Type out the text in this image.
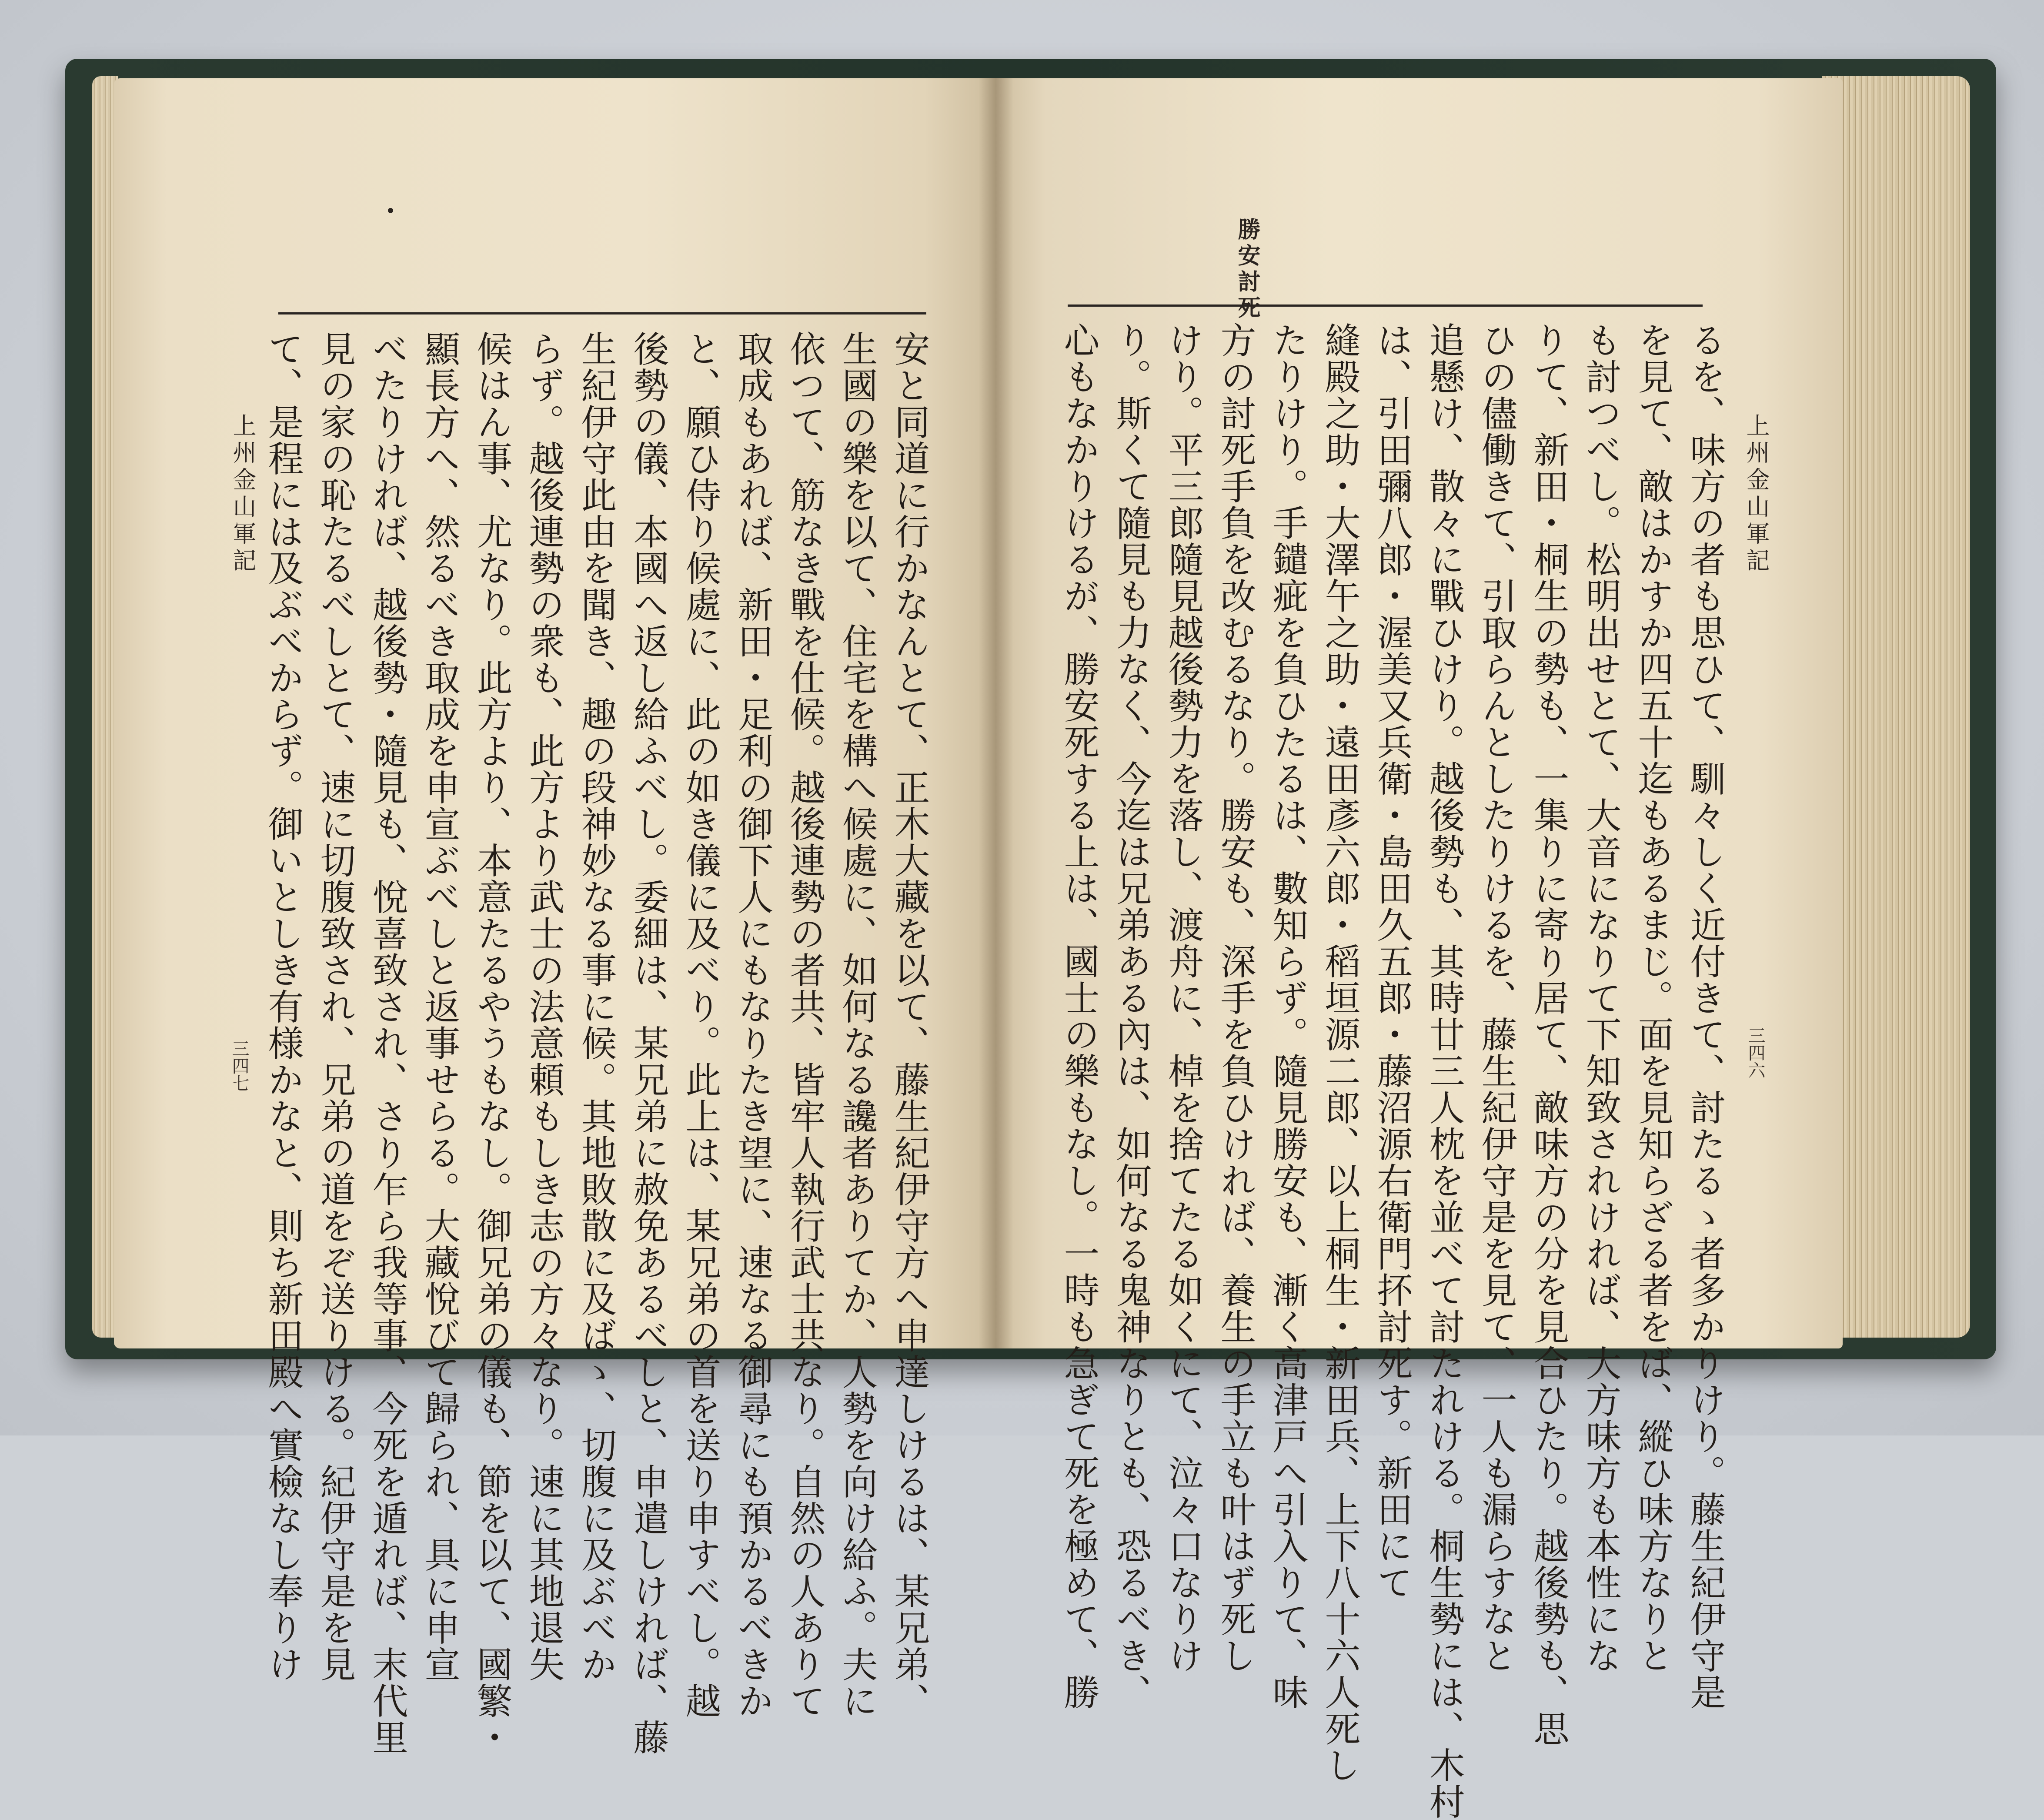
安と同道に行かなんとて、正木大藏を以て、藤生紀伊守方へ申達しけるは、某兄弟、
生國の樂を以て、住宅を構へ候處に、如何なる讒者ありてか、人勢を向け給ふ。夫に
依つて、筋なき戰を仕候。越後連勢の者共、皆牢人執行武士共なり。自然の人ありて
取成もあれば、新田・足利の御下人にもなりたき望に、速なる御尋にも預かるべきか
と、願ひ侍り候處に、此の如き儀に及べり。此上は、某兄弟の首を送り申すべし。越
後勢の儀、本國へ返し給ふべし。委細は、某兄弟に赦免あるべしと、申遣しければ、藤
生紀伊守此由を聞き、趣の段神妙なる事に候。其地敗散に及ばゝ、切腹に及ぶべか
らず。越後連勢の衆も、此方より武士の法意頼もしき志の方々なり。速に其地退失
候はん事、尤なり。此方より、本意たるやうもなし。御兄弟の儀も、節を以て、國繁・
顯長方へ、然るべき取成を申宣ぶべしと返事せらる。大藏悅びて歸られ、具に申宣
べたりければ、越後勢・隨見も、悅喜致され、さり乍ら我等事、今死を遁れば、末代里
見の家の恥たるべしとて、速に切腹致され、兄弟の道をぞ送りける。紀伊守是を見
て、是程には及ぶべからず。御いとしき有様かなと、則ち新田殿へ實檢なし奉りけ
上州金山軍記
三四七
勝安討死
るを、味方の者も思ひて、馴々しく近付きて、討たるゝ者多かりけり。藤生紀伊守是
を見て、敵はかすか四五十迄もあるまじ。面を見知らざる者をば、縱ひ味方なりと
も討つべし。松明出せとて、大音になりて下知致されければ、大方味方も本性にな
りて、新田・桐生の勢も、一集りに寄り居て、敵味方の分を見合ひたり。越後勢も、思
ひの儘働きて、引取らんとしたりけるを、藤生紀伊守是を見て、一人も漏らすなと
追懸け、散々に戰ひけり。越後勢も、其時廿三人枕を並べて討たれける。桐生勢には、木村
は、引田彌八郎・渥美又兵衛・島田久五郎・藤沼源右衛門抔討死す。新田にて
縫殿之助・大澤午之助・遠田彥六郎・稻垣源二郎、以上桐生・新田兵、上下八十六人死し
たりけり。手鑓疵を負ひたるは、數知らず。隨見勝安も、漸く高津戸へ引入りて、味
方の討死手負を改むるなり。勝安も、深手を負ひければ、養生の手立も叶はず死し
けり。平三郎隨見越後勢力を落し、渡舟に、棹を捨てたる如くにて、泣々口なりけ
り。斯くて隨見も力なく、今迄は兄弟ある內は、如何なる鬼神なりとも、恐るべき、
心もなかりけるが、勝安死する上は、國士の樂もなし。一時も急ぎて死を極めて、勝	上州金山軍記
三四六
